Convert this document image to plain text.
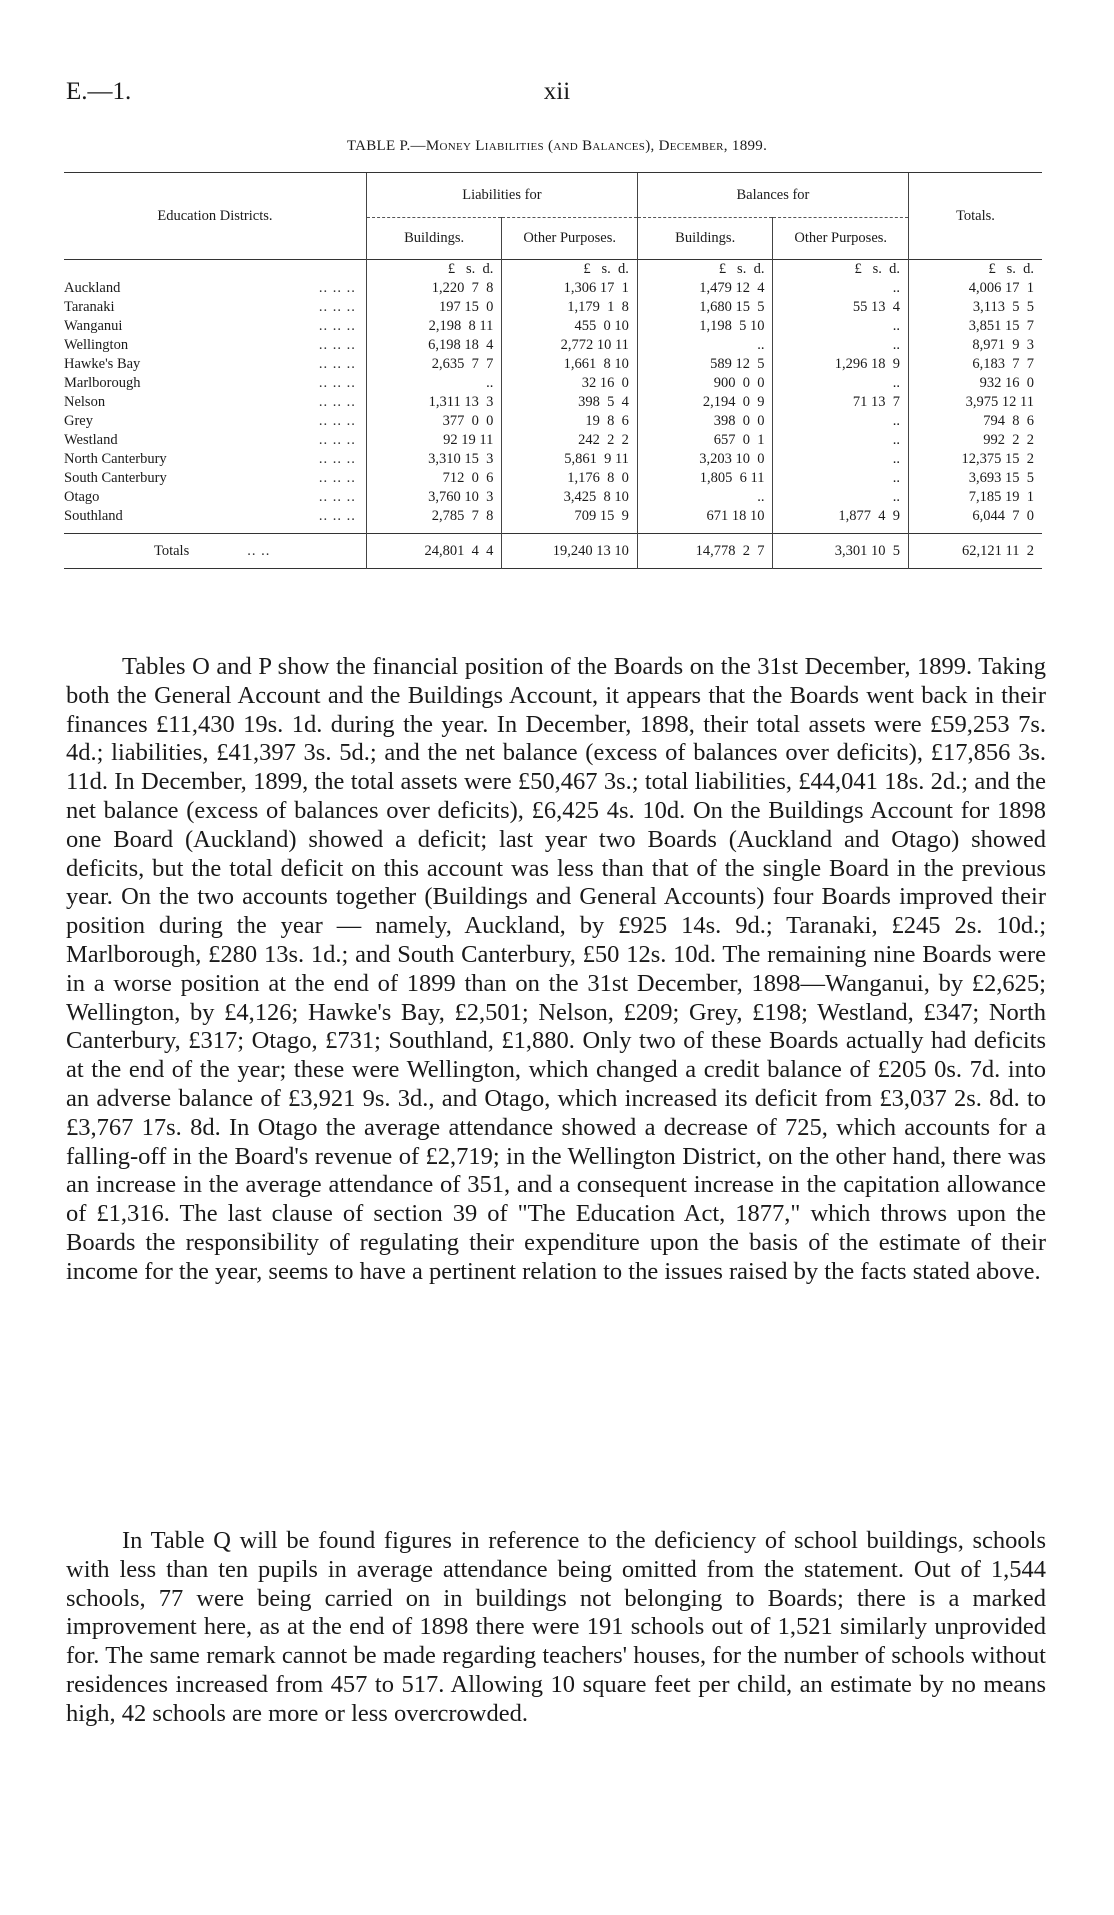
E.—1.	xii
TABLE P.—Money Liabilities (and Balances), December, 1899.

Education Districts.	Liabilities for		Balances for		Totals.
	Buildings.	Other Purposes.	Buildings.	Other Purposes.	

	£   s.  d.	£   s.  d.	£   s.  d.	£   s.  d.	£   s.  d.
Auckland .. .. ..	1,220  7  8	1,306 17  1	1,479 12  4	..	4,006 17  1
Taranaki .. .. ..	197 15  0	1,179  1  8	1,680 15  5	55 13  4	3,113  5  5
Wanganui .. .. ..	2,198  8 11	455  0 10	1,198  5 10	..	3,851 15  7
Wellington .. .. ..	6,198 18  4	2,772 10 11	..	..	8,971  9  3
Hawke's Bay .. .. ..	2,635  7  7	1,661  8 10	589 12  5	1,296 18  9	6,183  7  7
Marlborough .. .. ..	..	32 16  0	900  0  0	..	932 16  0
Nelson .. .. ..	1,311 13  3	398  5  4	2,194  0  9	71 13  7	3,975 12 11
Grey .. .. ..	377  0  0	19  8  6	398  0  0	..	794  8  6
Westland .. .. ..	92 19 11	242  2  2	657  0  1	..	992  2  2
North Canterbury .. .. ..	3,310 15  3	5,861  9 11	3,203 10  0	..	12,375 15  2
South Canterbury .. .. ..	712  0  6	1,176  8  0	1,805  6 11	..	3,693 15  5
Otago .. .. ..	3,760 10  3	3,425  8 10	..	..	7,185 19  1
Southland .. .. ..	2,785  7  8	709 15  9	671 18 10	1,877  4  9	6,044  7  0

Totals .. ..	24,801  4  4	19,240 13 10	14,778  2  7	3,301 10  5	62,121 11  2

Tables O and P show the financial position of the Boards on the 31st December, 1899. Taking both the General Account and the Buildings Account, it appears that the Boards went back in their finances £11,430 19s. 1d. during the year. In December, 1898, their total assets were £59,253 7s. 4d.; liabilities, £41,397 3s. 5d.; and the net balance (excess of balances over deficits), £17,856 3s. 11d. In December, 1899, the total assets were £50,467 3s.; total liabilities, £44,041 18s. 2d.; and the net balance (excess of balances over deficits), £6,425 4s. 10d. On the Buildings Account for 1898 one Board (Auckland) showed a deficit; last year two Boards (Auckland and Otago) showed deficits, but the total deficit on this account was less than that of the single Board in the previous year. On the two accounts together (Buildings and General Accounts) four Boards improved their position during the year — namely, Auckland, by £925 14s. 9d.; Taranaki, £245 2s. 10d.; Marlborough, £280 13s. 1d.; and South Canterbury, £50 12s. 10d. The remaining nine Boards were in a worse position at the end of 1899 than on the 31st December, 1898—Wanganui, by £2,625; Wellington, by £4,126; Hawke's Bay, £2,501; Nelson, £209; Grey, £198; Westland, £347; North Canterbury, £317; Otago, £731; Southland, £1,880. Only two of these Boards actually had deficits at the end of the year; these were Wellington, which changed a credit balance of £205 0s. 7d. into an adverse balance of £3,921 9s. 3d., and Otago, which increased its deficit from £3,037 2s. 8d. to £3,767 17s. 8d. In Otago the average attendance showed a decrease of 725, which accounts for a falling-off in the Board's revenue of £2,719; in the Wellington District, on the other hand, there was an increase in the average attendance of 351, and a consequent increase in the capitation allowance of £1,316. The last clause of section 39 of "The Education Act, 1877," which throws upon the Boards the responsibility of regulating their expenditure upon the basis of the estimate of their income for the year, seems to have a pertinent relation to the issues raised by the facts stated above.

In Table Q will be found figures in reference to the deficiency of school buildings, schools with less than ten pupils in average attendance being omitted from the statement. Out of 1,544 schools, 77 were being carried on in buildings not belonging to Boards; there is a marked improvement here, as at the end of 1898 there were 191 schools out of 1,521 similarly unprovided for. The same remark cannot be made regarding teachers' houses, for the number of schools without residences increased from 457 to 517. Allowing 10 square feet per child, an estimate by no means high, 42 schools are more or less overcrowded.
